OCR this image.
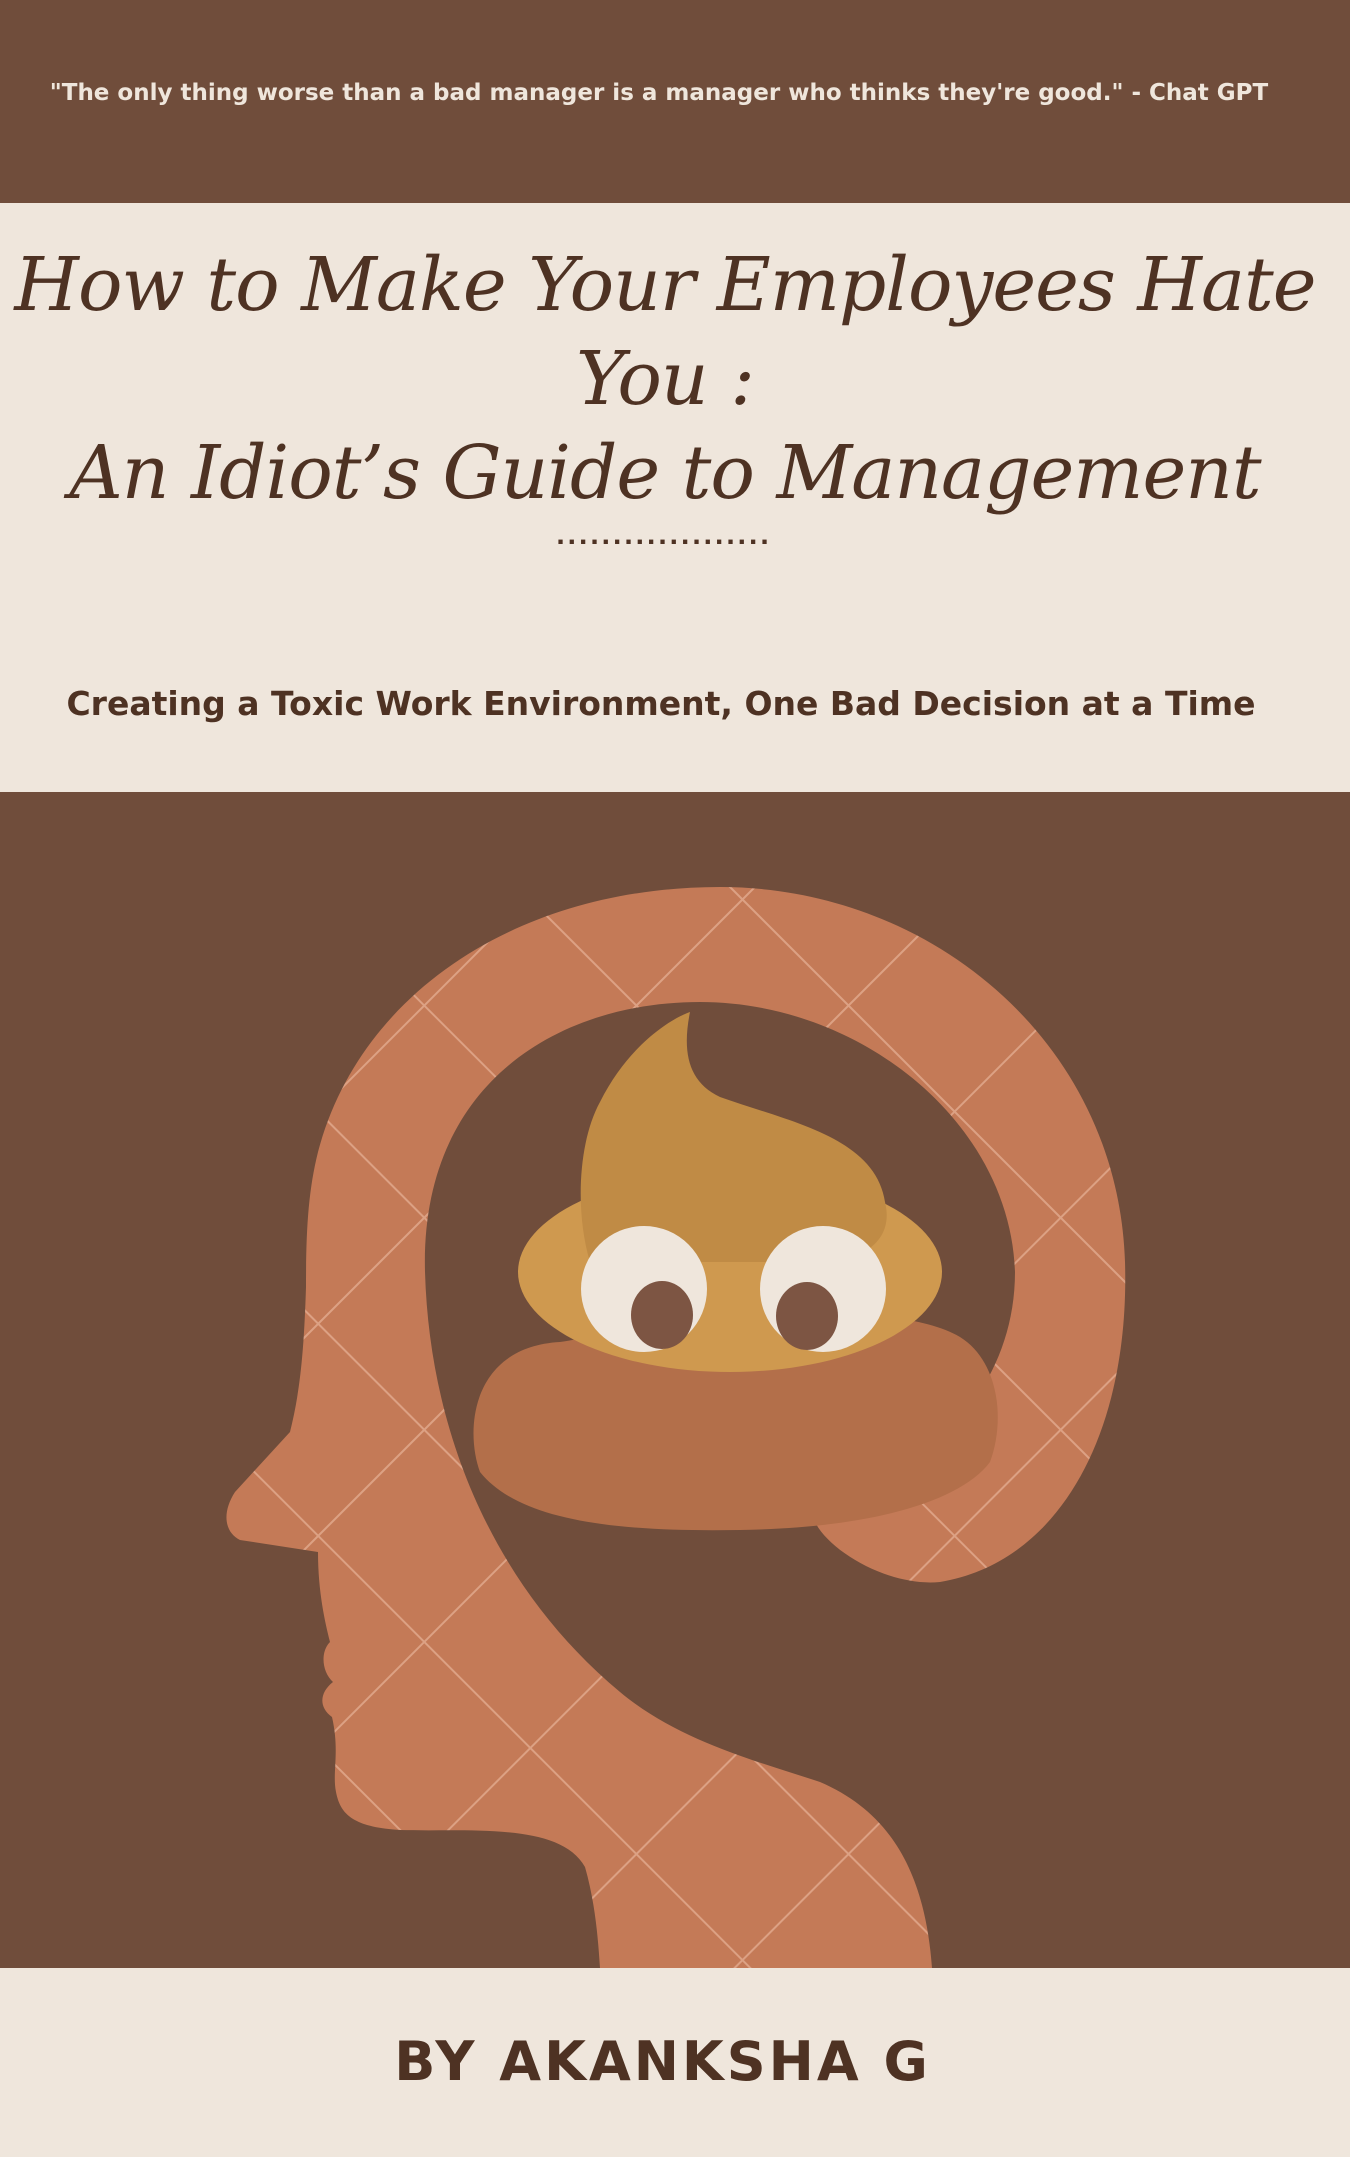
"The only thing worse than a bad manager is a manager who thinks they're good." - Chat GPT
How to Make Your Employees Hate You :
An Idiot’s Guide to Management
...................
Creating a Toxic Work Environment, One Bad Decision at a Time
BY AKANKSHA G
